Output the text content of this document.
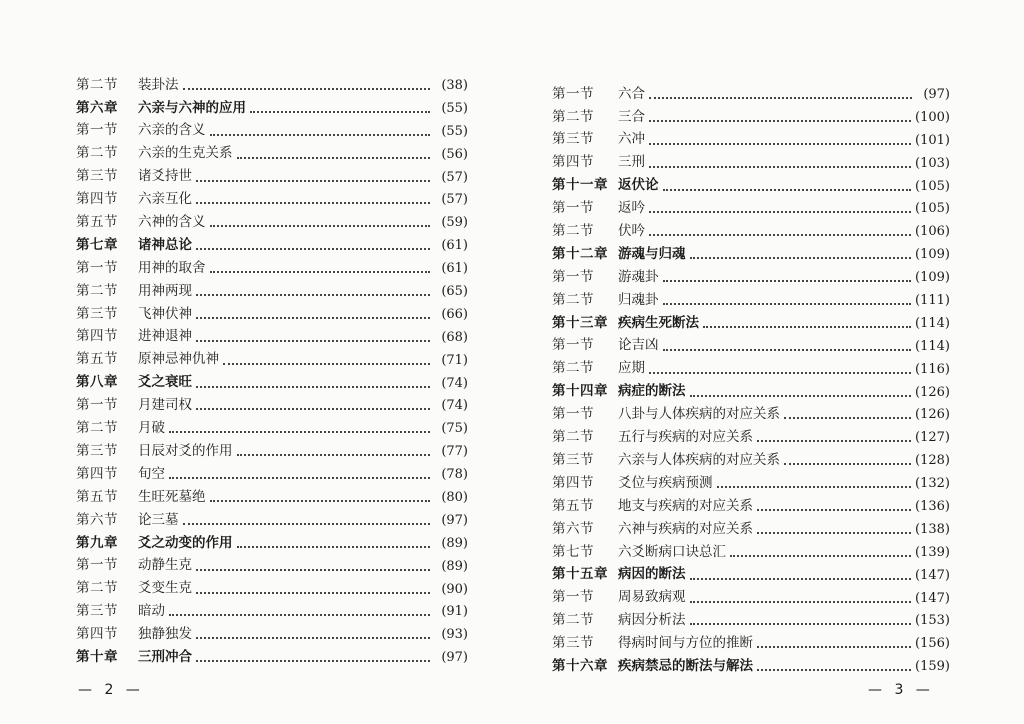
第二节	装卦法	(38)
第六章	六亲与六神的应用	(55)
第一节	六亲的含义	(55)
第二节	六亲的生克关系	(56)
第三节	诸爻持世	(57)
第四节	六亲互化	(57)
第五节	六神的含义	(59)
第七章	诸神总论	(61)
第一节	用神的取舍	(61)
第二节	用神两现	(65)
第三节	飞神伏神	(66)
第四节	进神退神	(68)
第五节	原神忌神仇神	(71)
第八章	爻之衰旺	(74)
第一节	月建司权	(74)
第二节	月破	(75)
第三节	日辰对爻的作用	(77)
第四节	旬空	(78)
第五节	生旺死墓绝	(80)
第六节	论三墓	(97)
第九章	爻之动变的作用	(89)
第一节	动静生克	(89)
第二节	爻变生克	(90)
第三节	暗动	(91)
第四节	独静独发	(93)
第十章	三刑冲合	(97)
— 2 —
第一节	六合	(97)
第二节	三合	(100)
第三节	六冲	(101)
第四节	三刑	(103)
第十一章 返伏论	(105)
第一节	返吟	(105)
第二节	伏吟	(106)
第十二章 游魂与归魂	(109)
第一节	游魂卦	(109)
第二节	归魂卦	(111)
第十三章 疾病生死断法	(114)
第一节	论吉凶	(114)
第二节	应期	(116)
第十四章 病症的断法	(126)
第一节	八卦与人体疾病的对应关系	(126)
第二节	五行与疾病的对应关系	(127)
第三节	六亲与人体疾病的对应关系	(128)
第四节	爻位与疾病预测	(132)
第五节	地支与疾病的对应关系	(136)
第六节	六神与疾病的对应关系	(138)
第七节	六爻断病口诀总汇	(139)
第十五章 病因的断法	(147)
第一节	周易致病观	(147)
第二节	病因分析法	(153)
第三节	得病时间与方位的推断	(156)
第十六章 疾病禁忌的断法与解法	(159)
— 3 —
